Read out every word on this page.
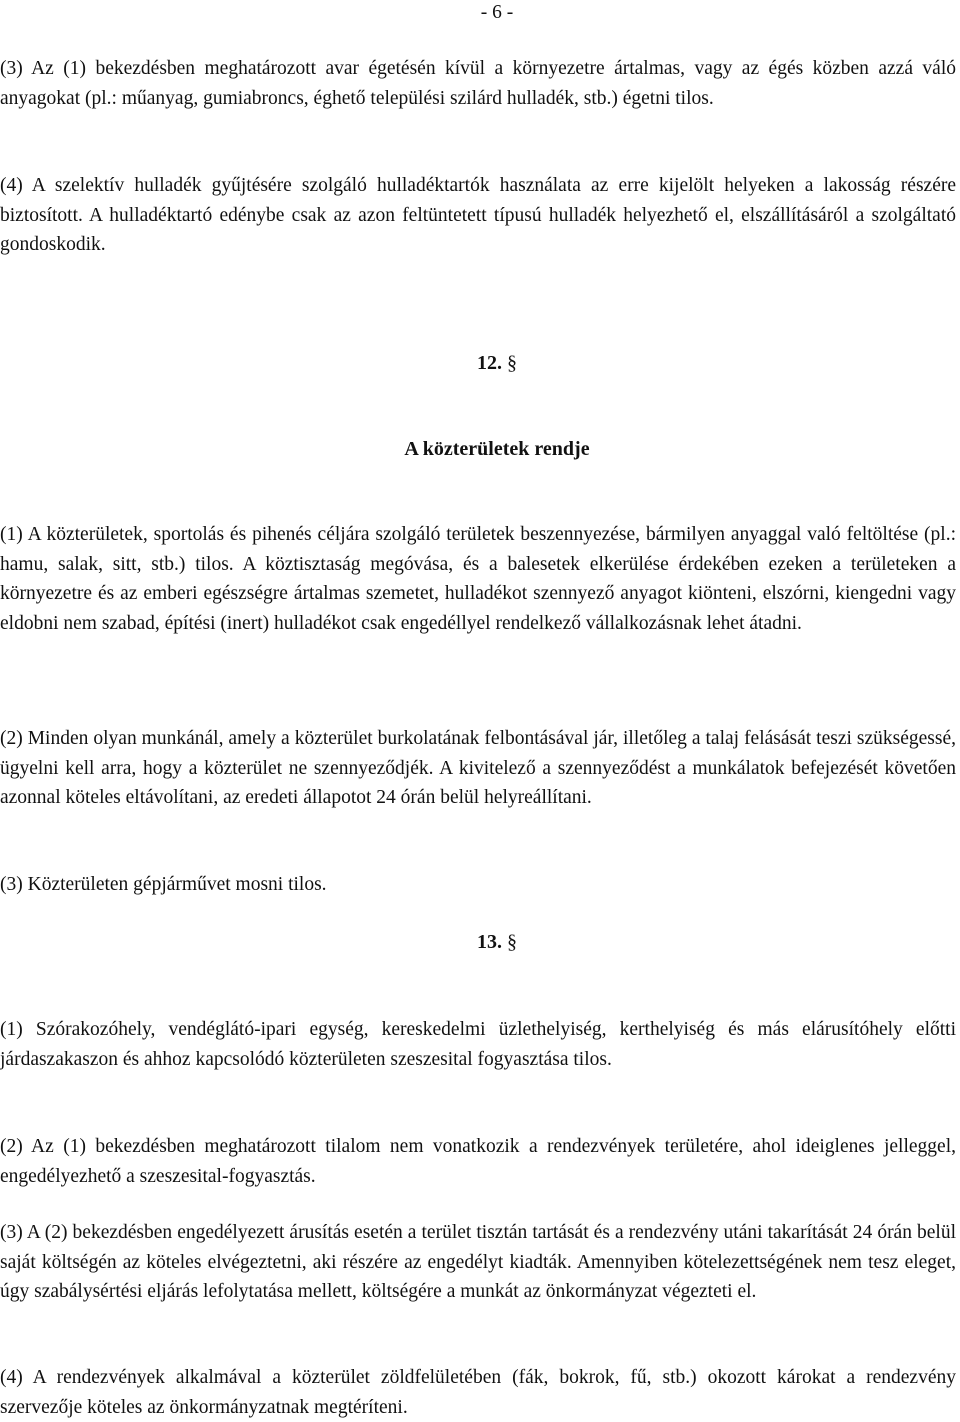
- 6 -

(3) Az (1) bekezdésben meghatározott avar égetésén kívül a környezetre ártalmas, vagy az égés közben azzá váló anyagokat (pl.: műanyag, gumiabroncs, éghető települési szilárd hulladék, stb.) égetni tilos.

(4) A szelektív hulladék gyűjtésére szolgáló hulladéktartók használata az erre kijelölt helyeken a lakosság részére biztosított. A hulladéktartó edénybe csak az azon feltüntetett típusú hulladék helyezhető el, elszállításáról a szolgáltató gondoskodik.

12. §
A közterületek rendje

(1) A közterületek, sportolás és pihenés céljára szolgáló területek beszennyezése, bármilyen anyaggal való feltöltése (pl.: hamu, salak, sitt, stb.) tilos. A köztisztaság megóvása, és a balesetek elkerülése érdekében ezeken a területeken a környezetre és az emberi egészségre ártalmas szemetet, hulladékot szennyező anyagot kiönteni, elszórni, kiengedni vagy eldobni nem szabad, építési (inert) hulladékot csak engedéllyel rendelkező vállalkozásnak lehet átadni.

(2) Minden olyan munkánál, amely a közterület burkolatának felbontásával jár, illetőleg a talaj felásását teszi szükségessé, ügyelni kell arra, hogy a közterület ne szennyeződjék. A kivitelező a szennyeződést a munkálatok befejezését követően azonnal köteles eltávolítani, az eredeti állapotot 24 órán belül helyreállítani.

(3) Közterületen gépjárművet mosni tilos.

13. §

(1) Szórakozóhely, vendéglátó-ipari egység, kereskedelmi üzlethelyiség, kerthelyiség és más elárusítóhely előtti járdaszakaszon és ahhoz kapcsolódó közterületen szeszesital fogyasztása tilos.

(2) Az (1) bekezdésben meghatározott tilalom nem vonatkozik a rendezvények területére, ahol ideiglenes jelleggel, engedélyezhető a szeszesital-fogyasztás.

(3) A (2) bekezdésben engedélyezett árusítás esetén a terület tisztán tartását és a rendezvény utáni takarítását 24 órán belül saját költségén az köteles elvégeztetni, aki részére az engedélyt kiadták. Amennyiben kötelezettségének nem tesz eleget, úgy szabálysértési eljárás lefolytatása mellett, költségére a munkát az önkormányzat végezteti el.

(4) A rendezvények alkalmával a közterület zöldfelületében (fák, bokrok, fű, stb.) okozott károkat a rendezvény szervezője köteles az önkormányzatnak megtéríteni.
